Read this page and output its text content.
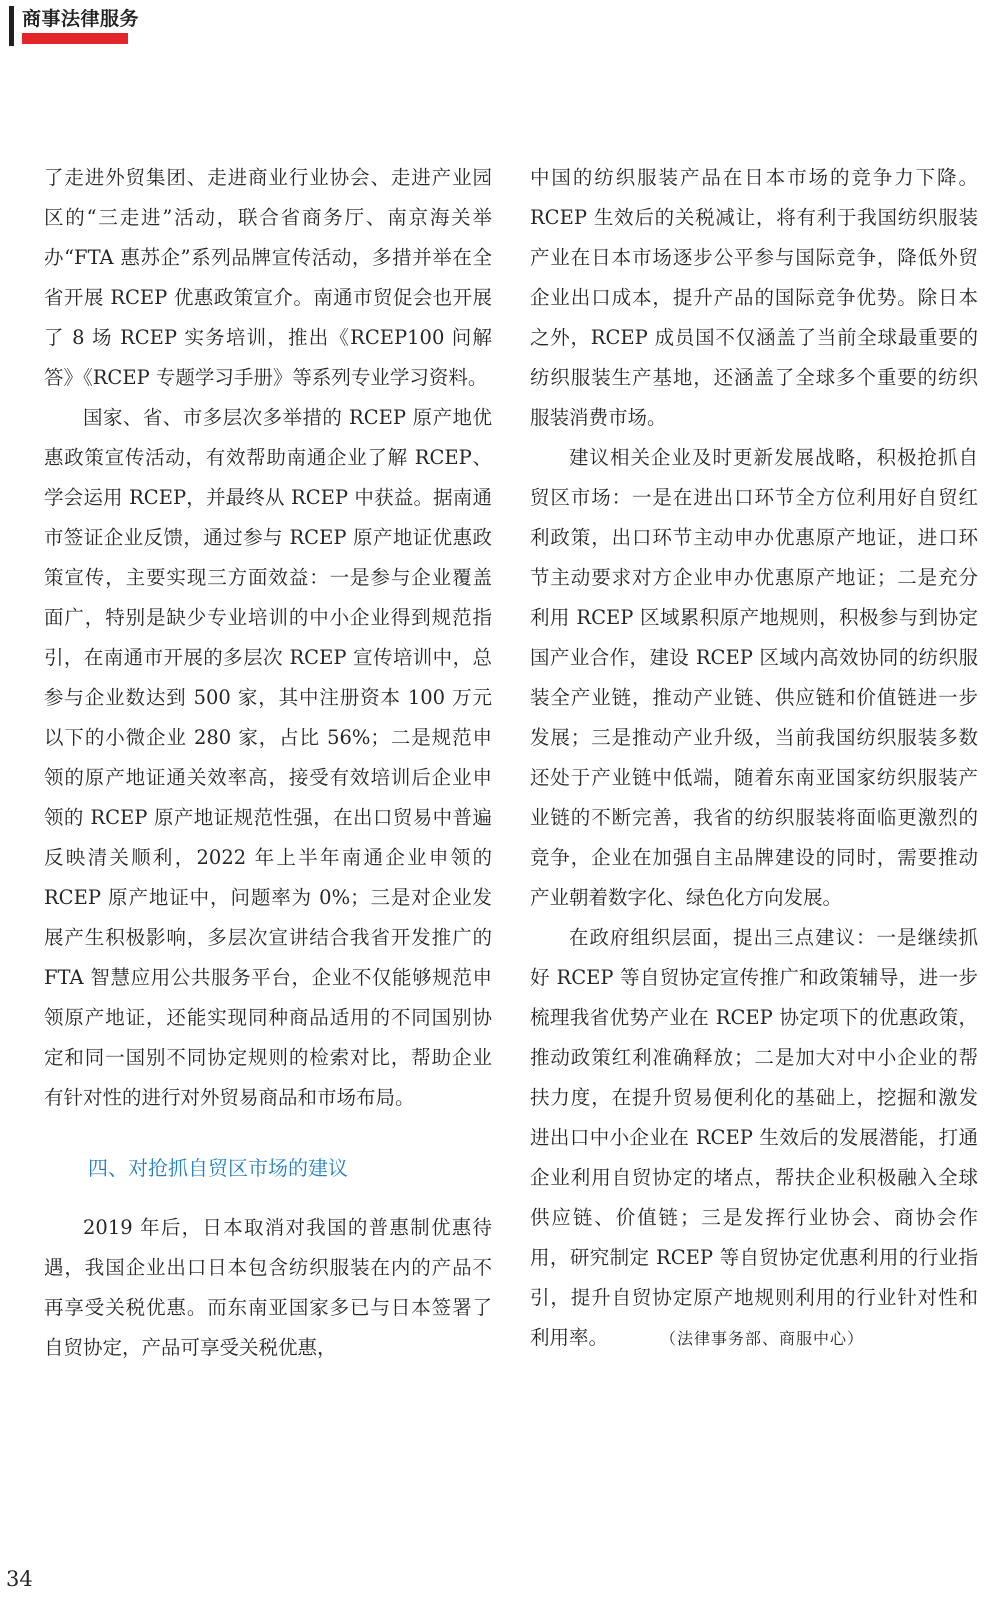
商事法律服务

了走进外贸集团、走进商业行业协会、走进产业园区的“三走进”活动，联合省商务厅、南京海关举办“FTA 惠苏企”系列品牌宣传活动，多措并举在全省开展 RCEP 优惠政策宣介。南通市贸促会也开展了 8 场 RCEP 实务培训，推出《RCEP100 问解答》《RCEP 专题学习手册》等系列专业学习资料。

国家、省、市多层次多举措的 RCEP 原产地优惠政策宣传活动，有效帮助南通企业了解 RCEP、学会运用 RCEP，并最终从 RCEP 中获益。据南通市签证企业反馈，通过参与 RCEP 原产地证优惠政策宣传，主要实现三方面效益：一是参与企业覆盖面广，特别是缺少专业培训的中小企业得到规范指引，在南通市开展的多层次 RCEP 宣传培训中，总参与企业数达到 500 家，其中注册资本 100 万元以下的小微企业 280 家，占比 56%；二是规范申领的原产地证通关效率高，接受有效培训后企业申领的 RCEP 原产地证规范性强，在出口贸易中普遍反映清关顺利，2022 年上半年南通企业申领的 RCEP 原产地证中，问题率为 0%；三是对企业发展产生积极影响，多层次宣讲结合我省开发推广的 FTA 智慧应用公共服务平台，企业不仅能够规范申领原产地证，还能实现同种商品适用的不同国别协定和同一国别不同协定规则的检索对比，帮助企业有针对性的进行对外贸易商品和市场布局。

四、对抢抓自贸区市场的建议

2019 年后，日本取消对我国的普惠制优惠待遇，我国企业出口日本包含纺织服装在内的产品不再享受关税优惠。而东南亚国家多已与日本签署了自贸协定，产品可享受关税优惠，

中国的纺织服装产品在日本市场的竞争力下降。RCEP 生效后的关税减让，将有利于我国纺织服装产业在日本市场逐步公平参与国际竞争，降低外贸企业出口成本，提升产品的国际竞争优势。除日本之外，RCEP 成员国不仅涵盖了当前全球最重要的纺织服装生产基地，还涵盖了全球多个重要的纺织服装消费市场。

建议相关企业及时更新发展战略，积极抢抓自贸区市场：一是在进出口环节全方位利用好自贸红利政策，出口环节主动申办优惠原产地证，进口环节主动要求对方企业申办优惠原产地证；二是充分利用 RCEP 区域累积原产地规则，积极参与到协定国产业合作，建设 RCEP 区域内高效协同的纺织服装全产业链，推动产业链、供应链和价值链进一步发展；三是推动产业升级，当前我国纺织服装多数还处于产业链中低端，随着东南亚国家纺织服装产业链的不断完善，我省的纺织服装将面临更激烈的竞争，企业在加强自主品牌建设的同时，需要推动产业朝着数字化、绿色化方向发展。

在政府组织层面，提出三点建议：一是继续抓好 RCEP 等自贸协定宣传推广和政策辅导，进一步梳理我省优势产业在 RCEP 协定项下的优惠政策，推动政策红利准确释放；二是加大对中小企业的帮扶力度，在提升贸易便利化的基础上，挖掘和激发进出口中小企业在 RCEP 生效后的发展潜能，打通企业利用自贸协定的堵点，帮扶企业积极融入全球供应链、价值链；三是发挥行业协会、商协会作用，研究制定 RCEP 等自贸协定优惠利用的行业指引，提升自贸协定原产地规则利用的行业针对性和利用率。	（法律事务部、商服中心）

34
